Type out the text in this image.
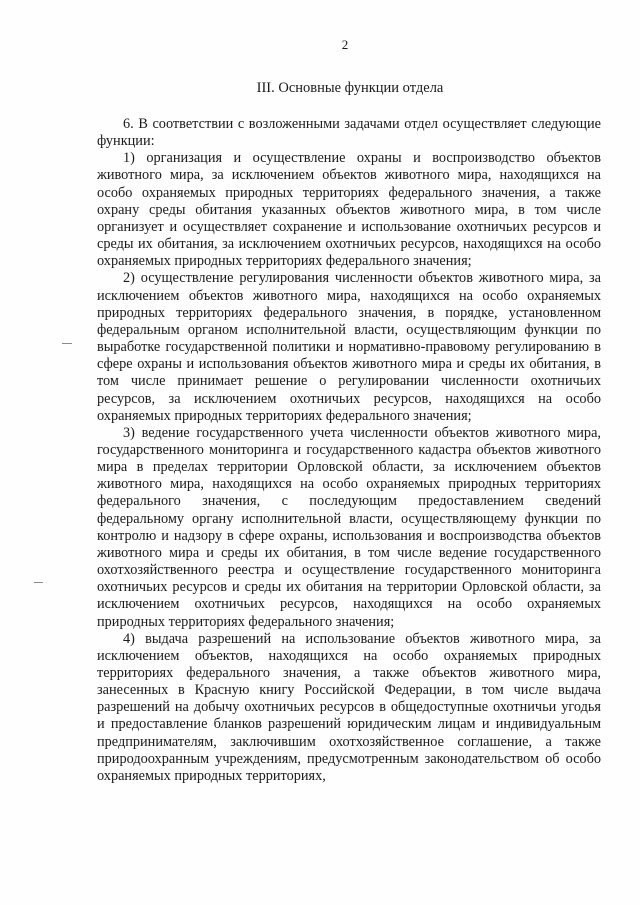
2
III. Основные функции отдела

6. В соответствии с возложенными задачами отдел осуществляет следующие функции:

1) организация и осуществление охраны и воспроизводство объектов животного мира, за исключением объектов животного мира, находящихся на особо охраняемых природных территориях федерального значения, а также охрану среды обитания указанных объектов животного мира, в том числе организует и осуществляет сохранение и использование охотничьих ресурсов и среды их обитания, за исключением охотничьих ресурсов, находящихся на особо охраняемых природных территориях федерального значения;

2) осуществление регулирования численности объектов животного мира, за исключением объектов животного мира, находящихся на особо охраняемых природных территориях федерального значения, в порядке, установленном федеральным органом исполнительной власти, осуществляющим функции по выработке государственной политики и нормативно-правовому регулированию в сфере охраны и использования объектов животного мира и среды их обитания, в том числе принимает решение о регулировании численности охотничьих ресурсов, за исключением охотничьих ресурсов, находящихся на особо охраняемых природных территориях федерального значения;

3) ведение государственного учета численности объектов животного мира, государственного мониторинга и государственного кадастра объектов животного мира в пределах территории Орловской области, за исключением объектов животного мира, находящихся на особо охраняемых природных территориях федерального значения, с последующим предоставлением сведений федеральному органу исполнительной власти, осуществляющему функции по контролю и надзору в сфере охраны, использования и воспроизводства объектов животного мира и среды их обитания, в том числе ведение государственного охотхозяйственного реестра и осуществление государственного мониторинга охотничьих ресурсов и среды их обитания на территории Орловской области, за исключением охотничьих ресурсов, находящихся на особо охраняемых природных территориях федерального значения;

4) выдача разрешений на использование объектов животного мира, за исключением объектов, находящихся на особо охраняемых природных территориях федерального значения, а также объектов животного мира, занесенных в Красную книгу Российской Федерации, в том числе выдача разрешений на добычу охотничьих ресурсов в общедоступные охотничьи угодья и предоставление бланков разрешений юридическим лицам и индивидуальным предпринимателям, заключившим охотхозяйственное соглашение, а также природоохранным учреждениям, предусмотренным законодательством об особо охраняемых природных территориях,
